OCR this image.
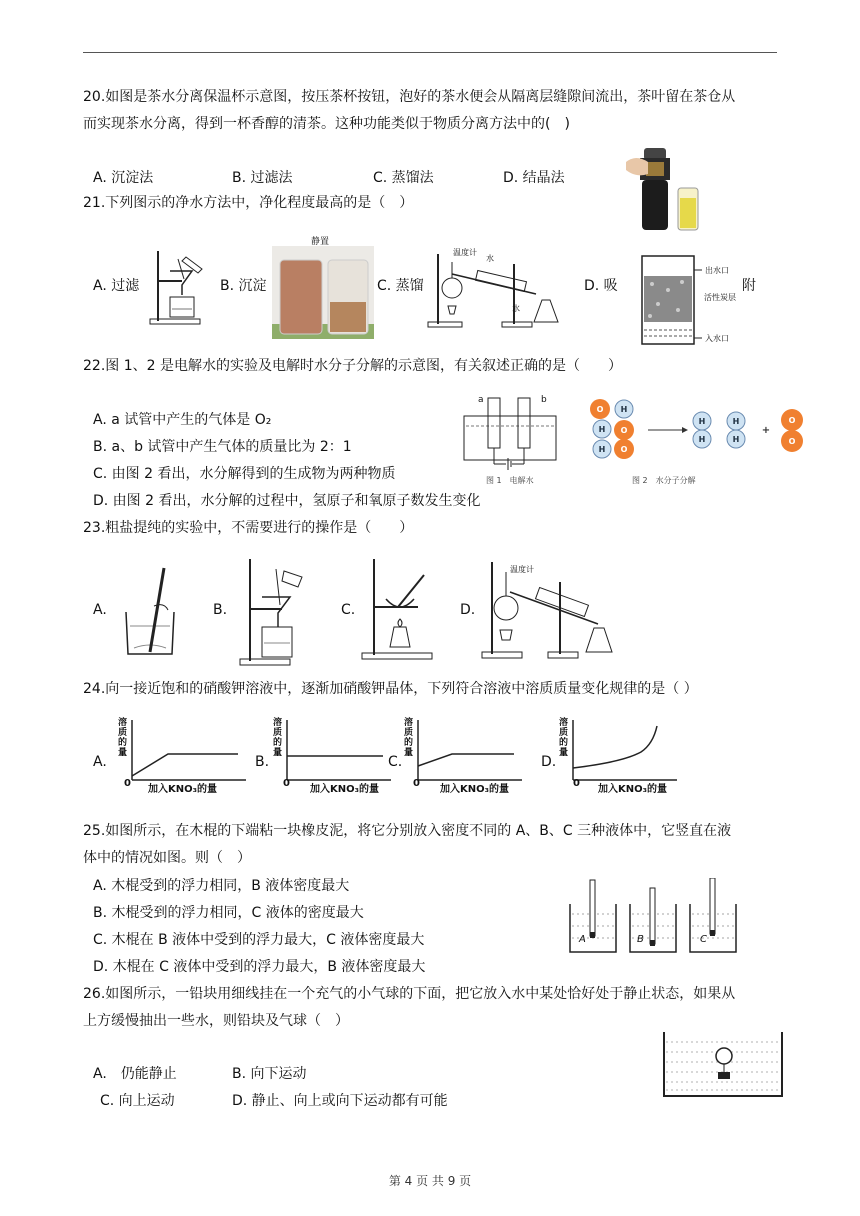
20.如图是茶水分离保温杯示意图，按压茶杯按钮，泡好的茶水便会从隔离层缝隙间流出，茶叶留在茶仓从
而实现茶水分离，得到一杯香醇的清茶。这种功能类似于物质分离方法中的(　)
A. 沉淀法	B. 过滤法	C. 蒸馏法	D. 结晶法
21.下列图示的净水方法中，净化程度最高的是（　）
A. 过滤	B. 沉淀	C. 蒸馏	D. 吸	附
静置
温度计
水
水
出水口
活性炭层
入水口
22.图 1、2 是电解水的实验及电解时水分子分解的示意图，有关叙述正确的是（　　）
A. a 试管中产生的气体是 O₂
B. a、b 试管中产生气体的质量比为 2：1
C. 由图 2 看出，水分解得到的生成物为两种物质
D. 由图 2 看出，水分解的过程中，氢原子和氧原子数发生变化
a	b
图 1　电解水
O H
H O
H O
H
H
H
H
+
O
O
图 2　水分子分解
23.粗盐提纯的实验中，不需要进行的操作是（　　）
A.	B.	C.	D.
温度计
24.向一接近饱和的硝酸钾溶液中，逐渐加硝酸钾晶体，下列符合溶液中溶质质量变化规律的是（ ）
A.	B.	C.	D.
溶
质
的
量
0
加入KNO₃的量
溶
质
的
量
0
加入KNO₃的量
溶
质
的
量
0
加入KNO₃的量
溶
质
的
量
0
加入KNO₃的量
25.如图所示，在木棍的下端粘一块橡皮泥，将它分别放入密度不同的 A、B、C 三种液体中，它竖直在液
体中的情况如图。则（　）
A. 木棍受到的浮力相同，B 液体密度最大
B. 木棍受到的浮力相同，C 液体的密度最大
C. 木棍在 B 液体中受到的浮力最大，C 液体密度最大
D. 木棍在 C 液体中受到的浮力最大，B 液体密度最大
A	B	C
26.如图所示，一铅块用细线挂在一个充气的小气球的下面，把它放入水中某处恰好处于静止状态，如果从
上方缓慢抽出一些水，则铅块及气球（　）
A.　仍能静止	B. 向下运动
C. 向上运动	D. 静止、向上或向下运动都有可能
第 4 页 共 9 页
